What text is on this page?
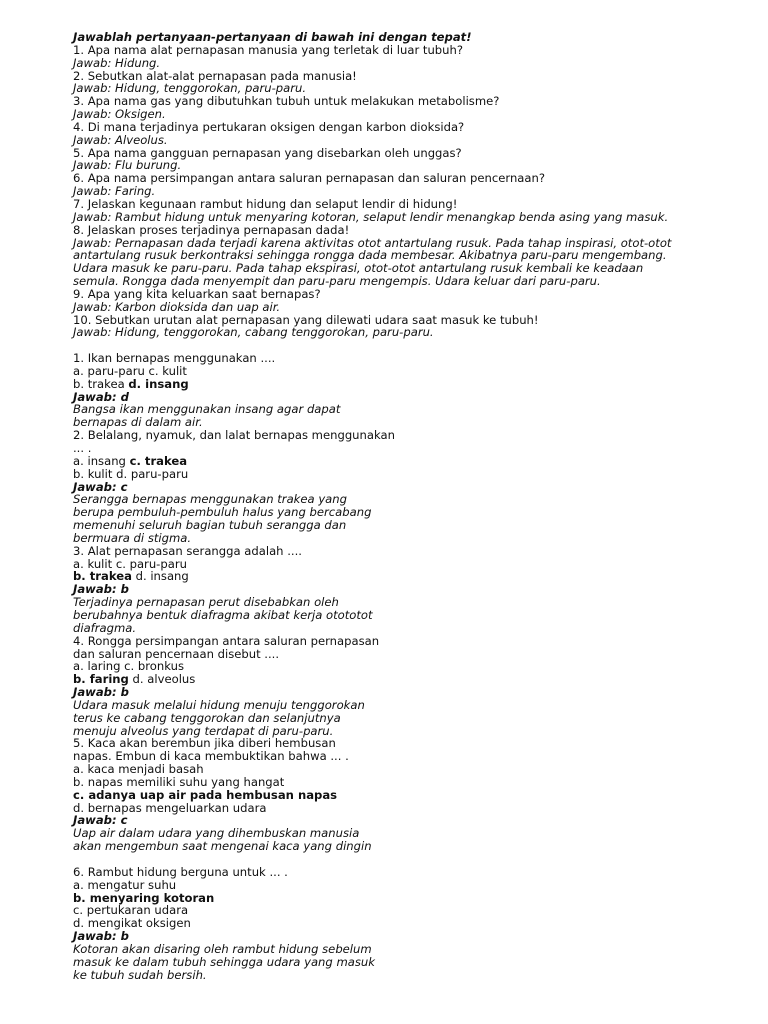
Jawablah pertanyaan-pertanyaan di bawah ini dengan tepat!
1. Apa nama alat pernapasan manusia yang terletak di luar tubuh?
Jawab: Hidung.
2. Sebutkan alat-alat pernapasan pada manusia!
Jawab: Hidung, tenggorokan, paru-paru.
3. Apa nama gas yang dibutuhkan tubuh untuk melakukan metabolisme?
Jawab: Oksigen.
4. Di mana terjadinya pertukaran oksigen dengan karbon dioksida?
Jawab: Alveolus.
5. Apa nama gangguan pernapasan yang disebarkan oleh unggas?
Jawab: Flu burung.
6. Apa nama persimpangan antara saluran pernapasan dan saluran pencernaan?
Jawab: Faring.
7. Jelaskan kegunaan rambut hidung dan selaput lendir di hidung!
Jawab: Rambut hidung untuk menyaring kotoran, selaput lendir menangkap benda asing yang masuk.
8. Jelaskan proses terjadinya pernapasan dada!
Jawab: Pernapasan dada terjadi karena aktivitas otot antartulang rusuk. Pada tahap inspirasi, otot-otot
antartulang rusuk berkontraksi sehingga rongga dada membesar. Akibatnya paru-paru mengembang.
Udara masuk ke paru-paru. Pada tahap ekspirasi, otot-otot antartulang rusuk kembali ke keadaan
semula. Rongga dada menyempit dan paru-paru mengempis. Udara keluar dari paru-paru.
9. Apa yang kita keluarkan saat bernapas?
Jawab: Karbon dioksida dan uap air.
10. Sebutkan urutan alat pernapasan yang dilewati udara saat masuk ke tubuh!
Jawab: Hidung, tenggorokan, cabang tenggorokan, paru-paru.
1. Ikan bernapas menggunakan ....
a. paru-paru c. kulit
b. trakea d. insang
Jawab: d
Bangsa ikan menggunakan insang agar dapat
bernapas di dalam air.
2. Belalang, nyamuk, dan lalat bernapas menggunakan
... .
a. insang c. trakea
b. kulit d. paru-paru
Jawab: c
Serangga bernapas menggunakan trakea yang
berupa pembuluh-pembuluh halus yang bercabang
memenuhi seluruh bagian tubuh serangga dan
bermuara di stigma.
3. Alat pernapasan serangga adalah ....
a. kulit c. paru-paru
b. trakea d. insang
Jawab: b
Terjadinya pernapasan perut disebabkan oleh
berubahnya bentuk diafragma akibat kerja otototot
diafragma.
4. Rongga persimpangan antara saluran pernapasan
dan saluran pencernaan disebut ....
a. laring c. bronkus
b. faring d. alveolus
Jawab: b
Udara masuk melalui hidung menuju tenggorokan
terus ke cabang tenggorokan dan selanjutnya
menuju alveolus yang terdapat di paru-paru.
5. Kaca akan berembun jika diberi hembusan
napas. Embun di kaca membuktikan bahwa ... .
a. kaca menjadi basah
b. napas memiliki suhu yang hangat
c. adanya uap air pada hembusan napas
d. bernapas mengeluarkan udara
Jawab: c
Uap air dalam udara yang dihembuskan manusia
akan mengembun saat mengenai kaca yang dingin
6. Rambut hidung berguna untuk ... .
a. mengatur suhu
b. menyaring kotoran
c. pertukaran udara
d. mengikat oksigen
Jawab: b
Kotoran akan disaring oleh rambut hidung sebelum
masuk ke dalam tubuh sehingga udara yang masuk
ke tubuh sudah bersih.
